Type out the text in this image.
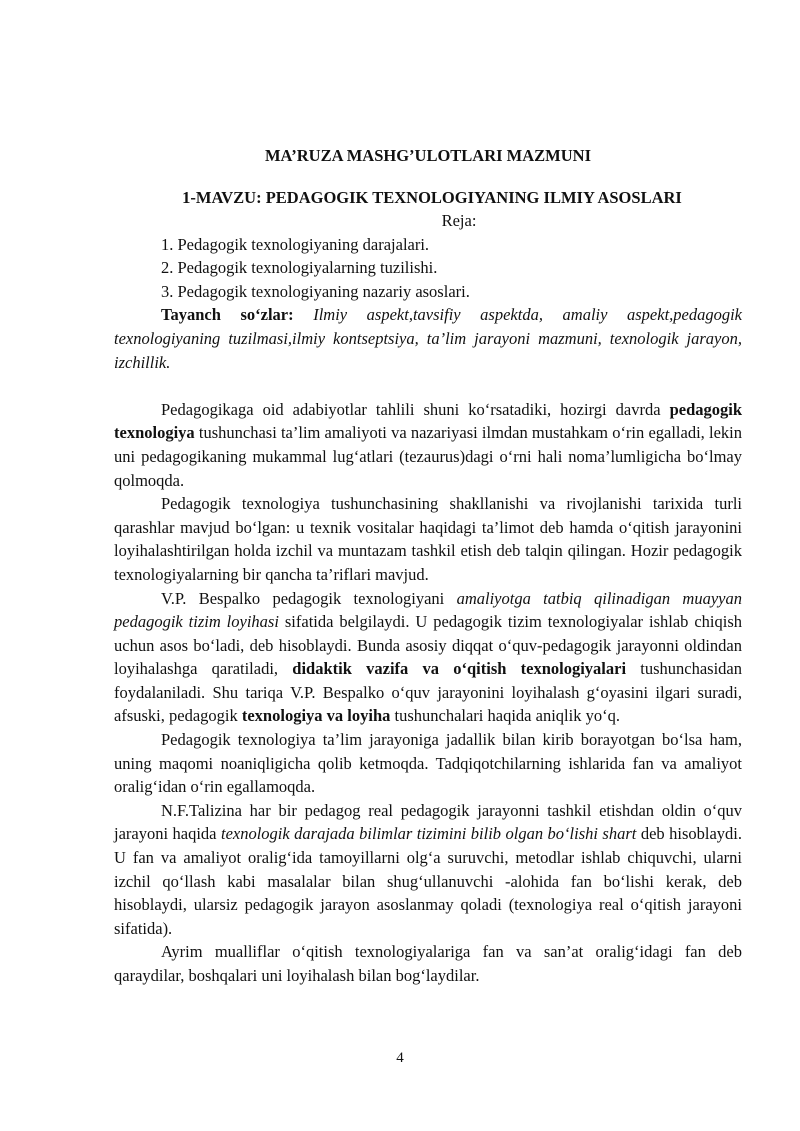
MA’RUZA MASHG’ULOTLARI MAZMUNI
1-MAVZU: PEDAGOGIK TEXNOLOGIYANING ILMIY ASOSLARI

Reja:

1. Pedagogik texnologiyaning darajalari.

2. Pedagogik texnologiyalarning tuzilishi.

3. Pedagogik texnologiyaning nazariy asoslari.

Tayanch so‘zlar: Ilmiy aspekt,tavsifiy aspektda, amaliy aspekt,pedagogik texnologiyaning tuzilmasi,ilmiy kontseptsiya, ta’lim jarayoni mazmuni, texnologik jarayon, izchillik.

Pedagogikaga oid adabiyotlar tahlili shuni ko‘rsatadiki, hozirgi davrda pedagogik texnologiya tushunchasi ta’lim amaliyoti va nazariyasi ilmdan mustahkam o‘rin egalladi, lekin uni pedagogikaning mukammal lug‘atlari (tezaurus)dagi o‘rni hali noma’lumligicha bo‘lmay qolmoqda.

Pedagogik texnologiya tushunchasining shakllanishi va rivojlanishi tarixida turli qarashlar mavjud bo‘lgan: u texnik vositalar haqidagi ta’limot deb hamda o‘qitish jarayonini loyihalashtirilgan holda izchil va muntazam tashkil etish deb talqin qilingan. Hozir pedagogik texnologiyalarning bir qancha ta’riflari mavjud.

V.P. Bespalko pedagogik texnologiyani amaliyotga tatbiq qilinadigan muayyan pedagogik tizim loyihasi sifatida belgilaydi. U pedagogik tizim texnologiyalar ishlab chiqish uchun asos bo‘ladi, deb hisoblaydi. Bunda asosiy diqqat o‘quv-pedagogik jarayonni oldindan loyihalashga qaratiladi, didaktik vazifa va o‘qitish texnologiyalari tushunchasidan foydalaniladi. Shu tariqa V.P. Bespalko o‘quv jarayonini loyihalash g‘oyasini ilgari suradi, afsuski, pedagogik texnologiya va loyiha tushunchalari haqida aniqlik yo‘q.

Pedagogik texnologiya ta’lim jarayoniga jadallik bilan kirib borayotgan bo‘lsa ham, uning maqomi noaniqligicha qolib ketmoqda. Tadqiqotchilarning ishlarida fan va amaliyot oralig‘idan o‘rin egallamoqda.

N.F.Talizina har bir pedagog real pedagogik jarayonni tashkil etishdan oldin o‘quv jarayoni haqida texnologik darajada bilimlar tizimini bilib olgan bo‘lishi shart deb hisoblaydi. U fan va amaliyot oralig‘ida tamoyillarni olg‘a suruvchi, metodlar ishlab chiquvchi, ularni izchil qo‘llash kabi masalalar bilan shug‘ullanuvchi -alohida fan bo‘lishi kerak, deb hisoblaydi, ularsiz pedagogik jarayon asoslanmay qoladi (texnologiya real o‘qitish jarayoni sifatida).

Ayrim mualliflar o‘qitish texnologiyalariga fan va san’at oralig‘idagi fan deb qaraydilar, boshqalari uni loyihalash bilan bog‘laydilar.

4
